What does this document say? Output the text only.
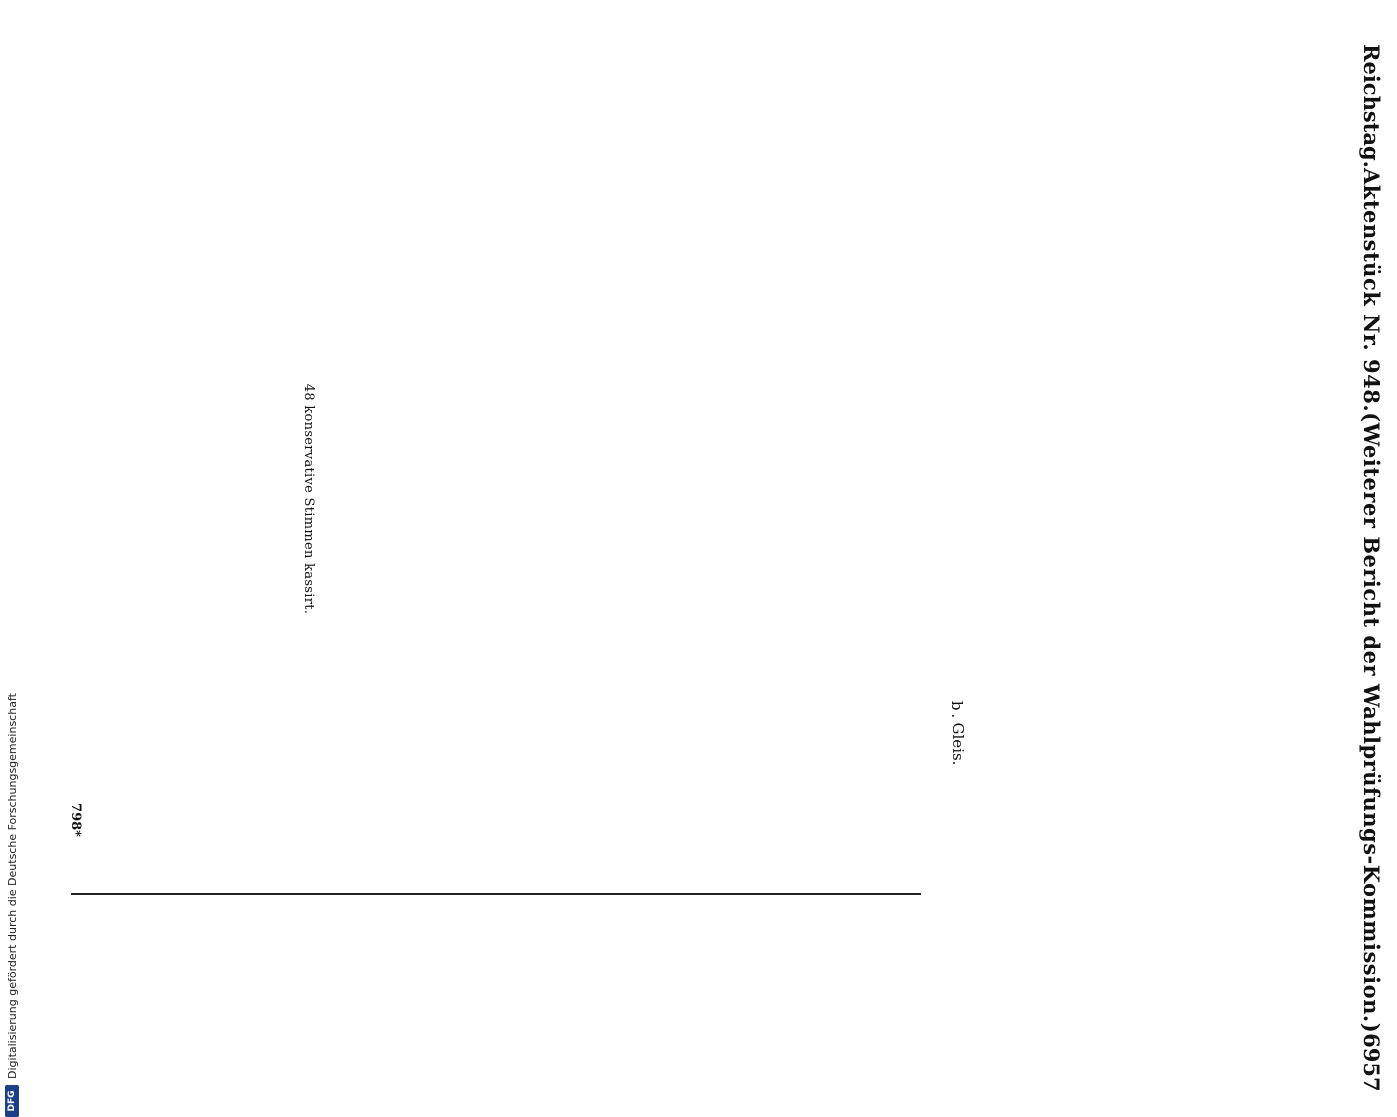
Reichstag.
Aktenstück Nr. 948.
(Weiterer Bericht der Wahlprüfungs-Kommission.)
6957

b.
Gleis.
48 konservative Stimmen kassirt.
798*
DFG
Digitalisierung gefördert durch die Deutsche Forschungsgemeinschaft
